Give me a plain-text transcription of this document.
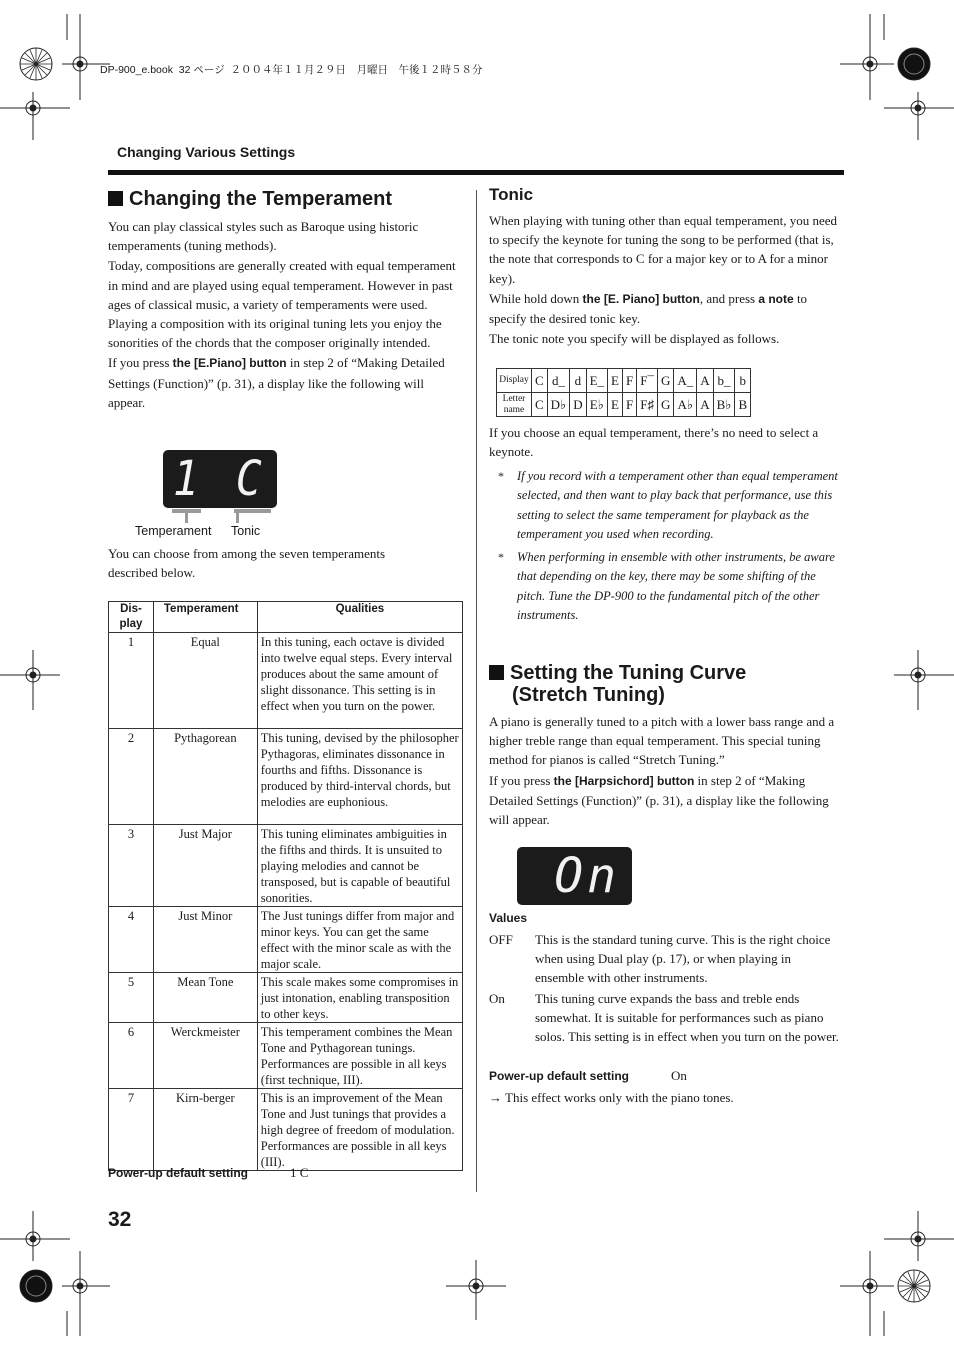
DP-900_e.book  32 ページ  ２００４年１１月２９日　月曜日　午後１２時５８分
Changing Various Settings
Changing the Temperament

You can play classical styles such as Baroque using historic temperaments (tuning methods).

Today, compositions are generally created with equal temperament in mind and are played using equal temperament. However in past ages of classical music, a variety of temperaments were used. Playing a composition with its original tuning lets you enjoy the sonorities of the chords that the composer originally intended.

If you press the [E.Piano] button in step 2 of “Making Detailed Settings (Function)” (p. 31), a display like the following will appear.

1 C
Temperament Tonic

You can choose from among the seven temperaments described below.

Dis-
play	Temperament	Qualities
1	Equal	In this tuning, each octave is divided into twelve equal steps. Every interval produces about the same amount of slight dissonance. This setting is in effect when you turn on the power.
2	Pythagorean	This tuning, devised by the philosopher Pythagoras, eliminates dissonance in fourths and fifths. Dissonance is produced by third-interval chords, but melodies are euphonious.
3	Just Major	This tuning eliminates ambiguities in the fifths and thirds. It is unsuited to playing melodies and cannot be transposed, but is capable of beautiful sonorities.
4	Just Minor	The Just tunings differ from major and minor keys. You can get the same effect with the minor scale as with the major scale.
5	Mean Tone	This scale makes some compromises in just intonation, enabling transposition to other keys.
6	Werckmeister	This temperament combines the Mean Tone and Pythagorean tunings. Performances are possible in all keys (first technique, III).
7	Kirn-berger	This is an improvement of the Mean Tone and Just tunings that provides a high degree of freedom of modulation. Performances are possible in all keys (III).
Power-up default setting	1 C
32
Tonic

When playing with tuning other than equal temperament, you need to specify the keynote for tuning the song to be performed (that is, the note that corresponds to C for a major key or to A for a minor key).

While hold down the [E. Piano] button, and press a note to specify the desired tonic key.

The tonic note you specify will be displayed as follows.

Display	C	d_	d	E_	E	F	F¯	G	A_	A	b_	b
Letter name	C	D♭	D	E♭	E	F	F♯	G	A♭	A	B♭	B

If you choose an equal temperament, there’s no need to select a keynote.

* If you record with a temperament other than equal temperament selected, and then want to play back that performance, use this setting to select the same temperament for playback as the temperament you used when recording.
* When performing in ensemble with other instruments, be aware that depending on the key, there may be some shifting of the pitch. Tune the DP-900 to the fundamental pitch of the other instruments.
Setting the Tuning Curve
(Stretch Tuning)

A piano is generally tuned to a pitch with a lower bass range and a higher treble range than equal temperament. This special tuning method for pianos is called “Stretch Tuning.”

If you press the [Harpsichord] button in step 2 of “Making Detailed Settings (Function)” (p. 31), a display like the following will appear.

On
Values
OFF This is the standard tuning curve. This is the right choice when using Dual play (p. 17), or when playing in ensemble with other instruments.

On This tuning curve expands the bass and treble ends somewhat. It is suitable for performances such as piano solos. This setting is in effect when you turn on the power.

Power-up default setting	On

→ This effect works only with the piano tones.
